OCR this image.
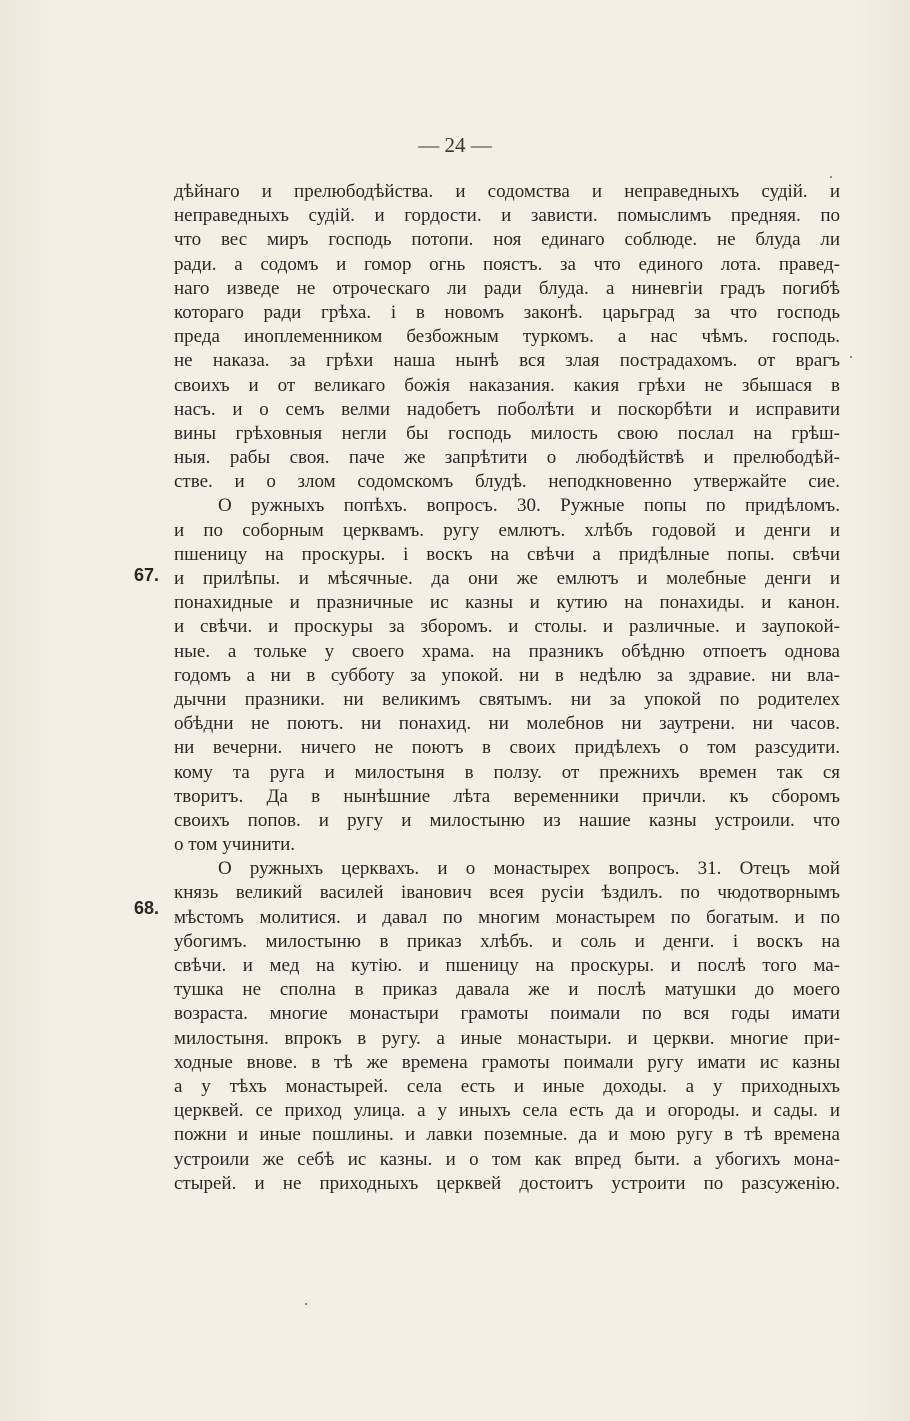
— 24 —
дѣйнаго и прелюбодѣйства. и содомства и неправедныхъ судій. и
неправедныхъ судій. и гордости. и зависти. помыслимъ предняя. по
что вес миръ господь потопи. ноя единаго соблюде. не блуда ли
ради. а содомъ и гомор огнь поястъ. за что единого лота. правед-
наго изведе не отроческаго ли ради блуда. а ниневгіи градъ погибѣ
котораго ради грѣха. і в новомъ законѣ. царьград за что господь
преда иноплеменником безбожным туркомъ. а нас чѣмъ. господь.
не наказа. за грѣхи наша нынѣ вся злая пострадахомъ. от врагъ
своихъ и от великаго божія наказания. какия грѣхи не збышася в
насъ. и о семъ велми надобетъ поболѣти и поскорбѣти и исправити
вины грѣховныя негли бы господь милость свою послал на грѣш-
ныя. рабы своя. паче же запрѣтити о любодѣйствѣ и прелюбодѣй-
стве. и о злом содомскомъ блудѣ. неподкновенно утвержайте сие.
О ружныхъ попѣхъ. вопросъ. 30. Ружные попы по придѣломъ.
и по соборным церквамъ. ругу емлютъ. хлѣбъ годовой и денги и
пшеницу на проскуры. і воскъ на свѣчи а придѣлные попы. свѣчи
и прилѣпы. и мѣсячные. да они же емлютъ и молебные денги и
понахидные и празничные ис казны и кутию на понахиды. и канон.
и свѣчи. и проскуры за зборомъ. и столы. и различные. и заупокой-
ные. а тольке у своего храма. на празникъ обѣдню отпоетъ однова
годомъ а ни в субботу за упокой. ни в недѣлю за здравие. ни вла-
дычни празники. ни великимъ святымъ. ни за упокой по родителех
обѣдни не поютъ. ни понахид. ни молебнов ни заутрени. ни часов.
ни вечерни. ничего не поютъ в своих придѣлехъ о том разсудити.
кому та руга и милостыня в ползу. от прежнихъ времен так ся
творитъ. Да в нынѣшние лѣта веременники причли. къ сборомъ
своихъ попов. и ругу и милостыню из нашие казны устроили. что
о том учинити.
О ружныхъ церквахъ. и о монастырех вопросъ. 31. Отецъ мой
князь великий василей іванович всея русіи ѣздилъ. по чюдотворнымъ
мѣстомъ молитися. и давал по многим монастырем по богатым. и по
убогимъ. милостыню в приказ хлѣбъ. и соль и денги. і воскъ на
свѣчи. и мед на кутію. и пшеницу на проскуры. и послѣ того ма-
тушка не сполна в приказ давала же и послѣ матушки до моего
возраста. многие монастыри грамоты поимали по вся годы имати
милостыня. впрокъ в ругу. а иные монастыри. и церкви. многие при-
ходные внове. в тѣ же времена грамоты поимали ругу имати ис казны
а у тѣхъ монастырей. села есть и иные доходы. а у приходныхъ
церквей. се приход улица. а у иныхъ села есть да и огороды. и сады. и
пожни и иные пошлины. и лавки поземные. да и мою ругу в тѣ времена
устроили же себѣ ис казны. и о том как впред быти. а убогихъ мона-
стырей. и не приходныхъ церквей достоитъ устроити по разсуженію.
67.
68.
